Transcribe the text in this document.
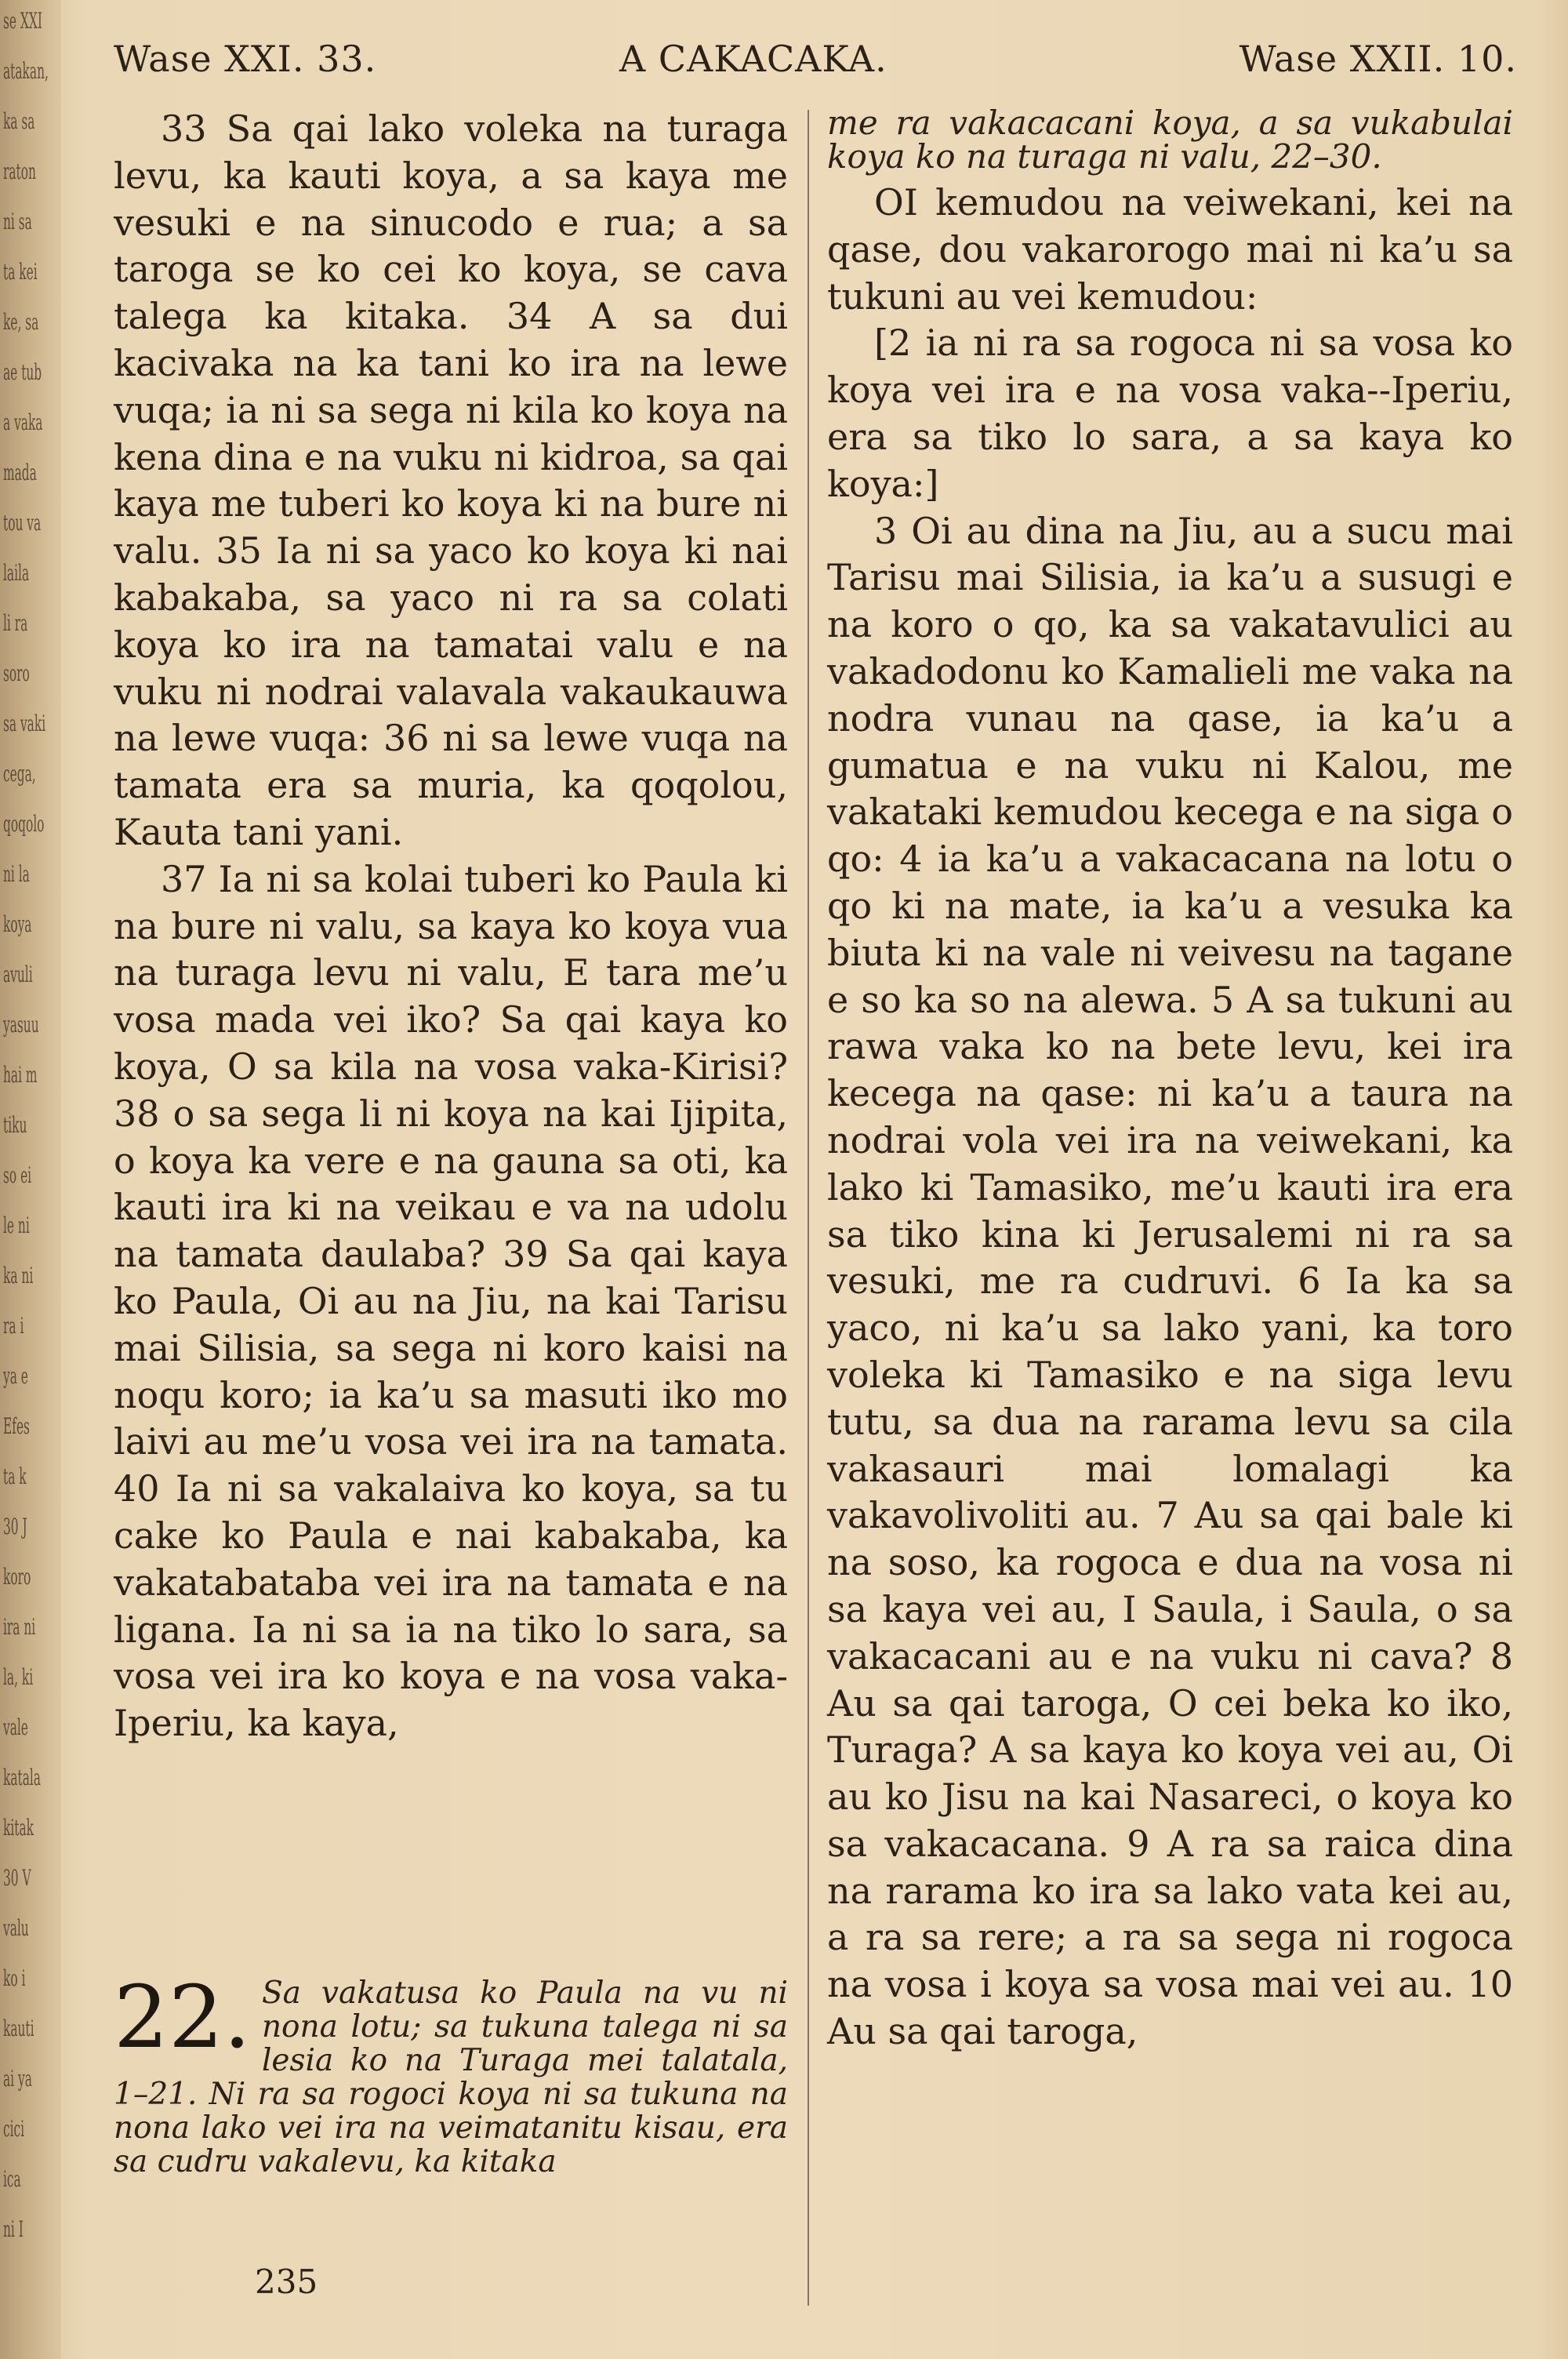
se XXI
atakan,
ka sa
raton
ni sa
ta kei
ke, sa
ae tub
a vaka
mada
tou va
laila
li ra
soro
sa vaki
cega,
qoqolo
ni la
koya
avuli
yasuu
hai m
tiku
so ei
le ni
ka ni
ra i
ya e
Efes
ta k
30 J
koro
ira ni
la, ki
vale
katala
kitak
30 V
valu
ko i
kauti
ai ya
cici
ica
ni I
Wase XXI. 33.	A CAKACAKA.	Wase XXII. 10.

33 Sa qai lako voleka na turaga levu, ka kauti koya, a sa kaya me vesuki e na sinucodo e rua; a sa taroga se ko cei ko koya, se cava talega ka kitaka. 34 A sa dui kacivaka na ka tani ko ira na lewe vuqa; ia ni sa sega ni kila ko koya na kena dina e na vuku ni kidroa, sa qai kaya me tuberi ko koya ki na bure ni valu. 35 Ia ni sa yaco ko koya ki nai kabakaba, sa yaco ni ra sa colati koya ko ira na tamatai valu e na vuku ni nodrai valavala vakaukauwa na lewe vuqa: 36 ni sa lewe vuqa na tamata era sa muria, ka qoqolou, Kauta tani yani.

37 Ia ni sa kolai tuberi ko Paula ki na bure ni valu, sa kaya ko koya vua na turaga levu ni valu, E tara me’u vosa mada vei iko? Sa qai kaya ko koya, O sa kila na vosa vaka-Kirisi? 38 o sa sega li ni koya na kai Ijipita, o koya ka vere e na gauna sa oti, ka kauti ira ki na veikau e va na udolu na tamata daulaba? 39 Sa qai kaya ko Paula, Oi au na Jiu, na kai Tarisu mai Silisia, sa sega ni koro kaisi na noqu koro; ia ka’u sa masuti iko mo laivi au me’u vosa vei ira na tamata. 40 Ia ni sa vakalaiva ko koya, sa tu cake ko Paula e nai kabakaba, ka vakatabataba vei ira na tamata e na ligana. Ia ni sa ia na tiko lo sara, sa vosa vei ira ko koya e na vosa vaka-Iperiu, ka kaya,

22. Sa vakatusa ko Paula na vu ni nona lotu; sa tukuna talega ni sa lesia ko na Turaga mei talatala, 1–21. Ni ra sa rogoci koya ni sa tukuna na nona lako vei ira na veimatanitu kisau, era sa cudru vakalevu, ka kitaka

235

me ra vakacacani koya, a sa vukabulai koya ko na turaga ni valu, 22–30.

OI kemudou na veiwekani, kei na qase, dou vakarorogo mai ni ka’u sa tukuni au vei kemudou:

[2 ia ni ra sa rogoca ni sa vosa ko koya vei ira e na vosa vaka--Iperiu, era sa tiko lo sara, a sa kaya ko koya:]

3 Oi au dina na Jiu, au a sucu mai Tarisu mai Silisia, ia ka’u a susugi e na koro o qo, ka sa vakatavulici au vakadodonu ko Kamalieli me vaka na nodra vunau na qase, ia ka’u a gumatua e na vuku ni Kalou, me vakataki kemudou kecega e na siga o qo: 4 ia ka’u a vakacacana na lotu o qo ki na mate, ia ka’u a vesuka ka biuta ki na vale ni veivesu na tagane e so ka so na alewa. 5 A sa tukuni au rawa vaka ko na bete levu, kei ira kecega na qase: ni ka’u a taura na nodrai vola vei ira na veiwekani, ka lako ki Tamasiko, me’u kauti ira era sa tiko kina ki Jerusalemi ni ra sa vesuki, me ra cudruvi. 6 Ia ka sa yaco, ni ka’u sa lako yani, ka toro voleka ki Tamasiko e na siga levu tutu, sa dua na rarama levu sa cila vakasauri mai lomalagi ka vakavolivoliti au. 7 Au sa qai bale ki na soso, ka rogoca e dua na vosa ni sa kaya vei au, I Saula, i Saula, o sa vakacacani au e na vuku ni cava? 8 Au sa qai taroga, O cei beka ko iko, Turaga? A sa kaya ko koya vei au, Oi au ko Jisu na kai Nasareci, o koya ko sa vakacacana. 9 A ra sa raica dina na rarama ko ira sa lako vata kei au, a ra sa rere; a ra sa sega ni rogoca na vosa i koya sa vosa mai vei au. 10 Au sa qai taroga,
